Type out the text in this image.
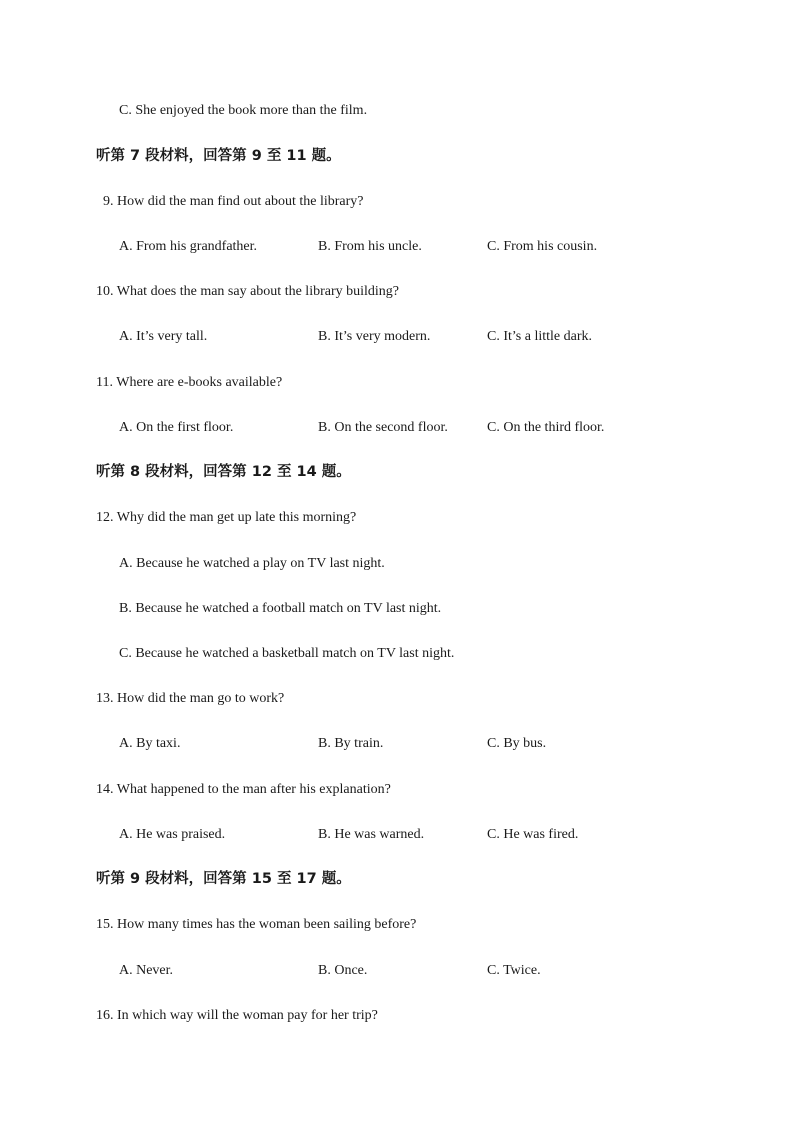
C. She enjoyed the book more than the film.
听第 7 段材料，回答第 9 至 11 题。
9. How did the man find out about the library?
A. From his grandfather.	B. From his uncle.	C. From his cousin.
10. What does the man say about the library building?
A. It’s very tall.	B. It’s very modern.	C. It’s a little dark.
11. Where are e-books available?
A. On the first floor.	B. On the second floor.	C. On the third floor.
听第 8 段材料，回答第 12 至 14 题。
12. Why did the man get up late this morning?
A. Because he watched a play on TV last night.
B. Because he watched a football match on TV last night.
C. Because he watched a basketball match on TV last night.
13. How did the man go to work?
A. By taxi.	B. By train.	C. By bus.
14. What happened to the man after his explanation?
A. He was praised.	B. He was warned.	C. He was fired.
听第 9 段材料，回答第 15 至 17 题。
15. How many times has the woman been sailing before?
A. Never.	B. Once.	C. Twice.
16. In which way will the woman pay for her trip?
